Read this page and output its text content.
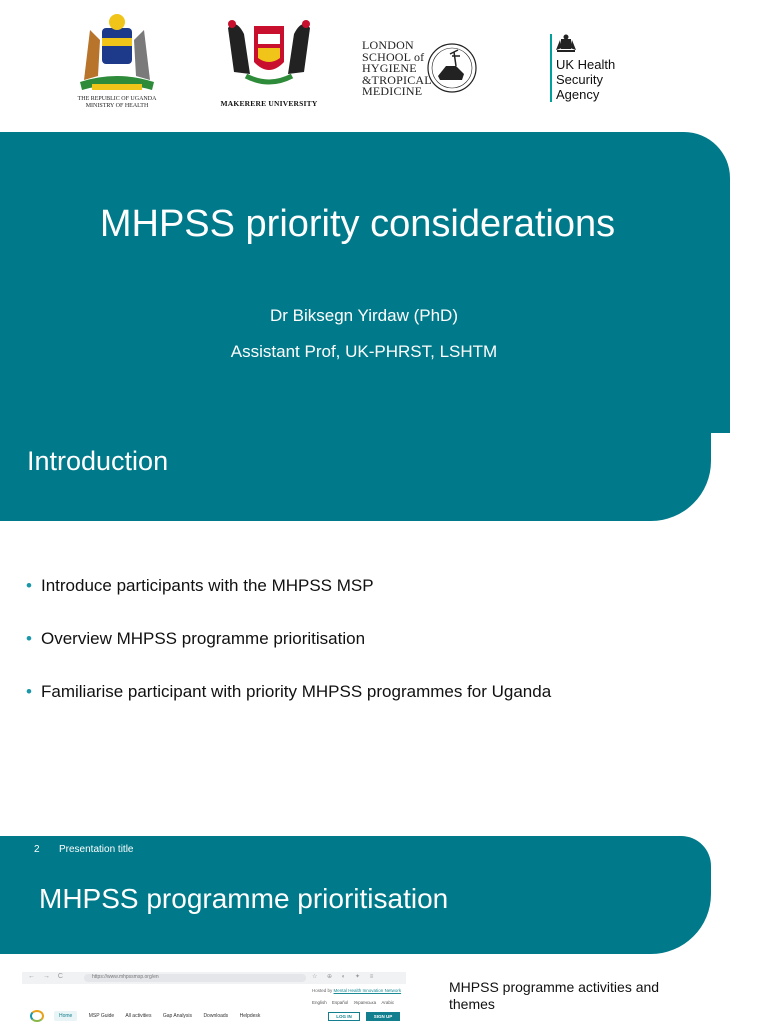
THE REPUBLIC OF UGANDA
MINISTRY OF HEALTH	MAKERERE UNIVERSITY
LONDON
SCHOOL of
HYGIENE
&TROPICAL
MEDICINE
UK Health
Security
Agency
MHPSS priority considerations
Dr Biksegn Yirdaw (PhD)
Assistant Prof, UK-PHRST, LSHTM
Introduction
• Introduce participants with the MHPSS MSP
• Overview MHPSS programme prioritisation
• Familiarise participant with priority MHPSS programmes for Uganda
2 Presentation title
MHPSS programme prioritisation
← → C	https://www.mhpssmsp.org/en	☆ ⊕ ◐ ✦ ≡
Hosted by Mental Health Innovation Network
English Español Українська Arabic
Home	MSP Guide All activities Gap Analysis Downloads Helpdesk	LOG IN	SIGN UP
MHPSS programme activities and themes
